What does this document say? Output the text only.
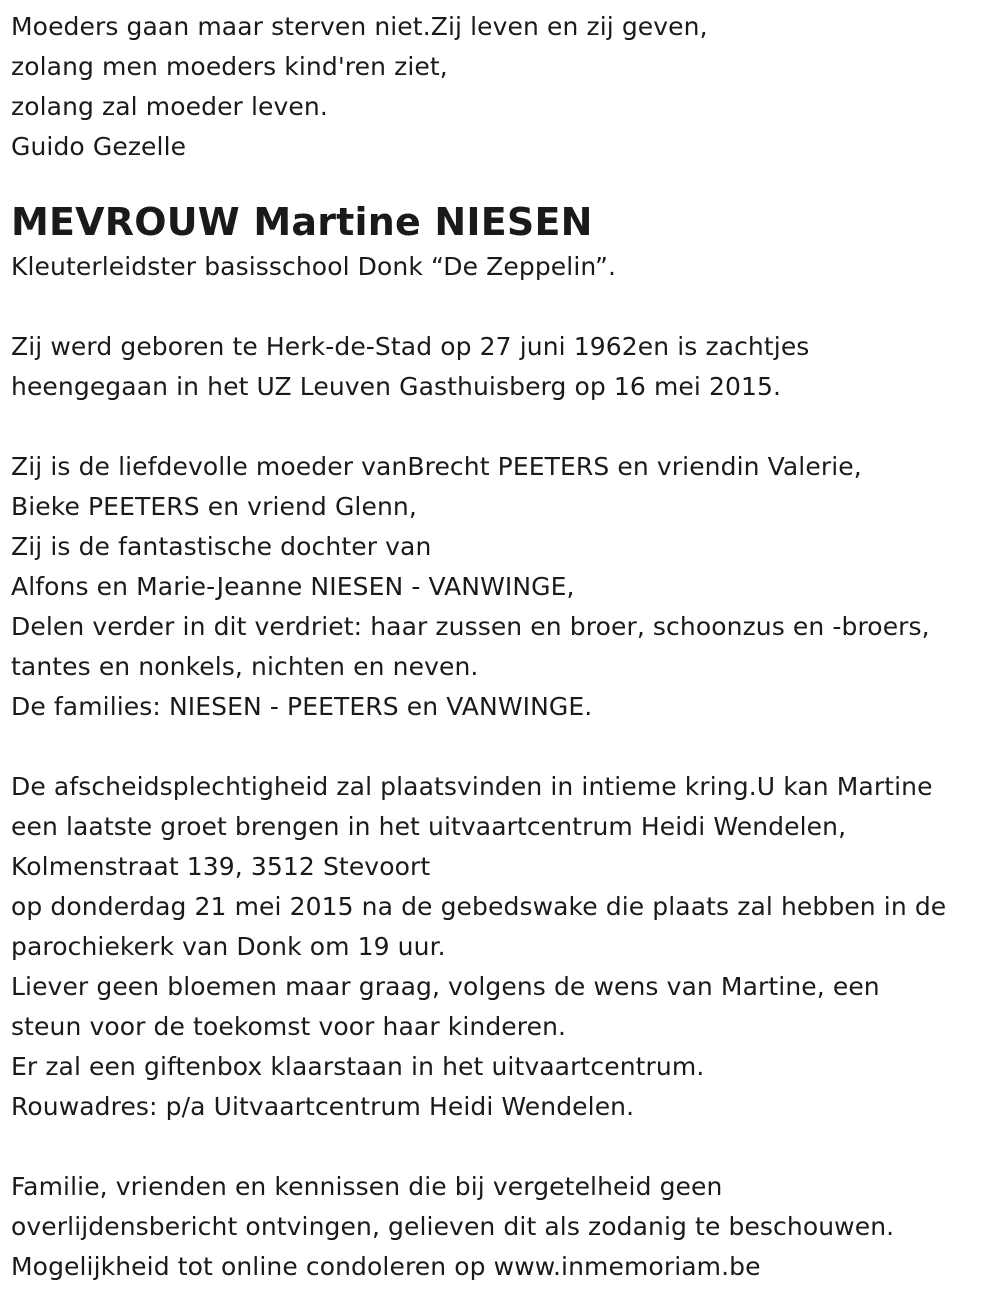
Moeders gaan maar sterven niet.Zij leven en zij geven,
zolang men moeders kind'ren ziet,
zolang zal moeder leven.
Guido Gezelle
MEVROUW Martine NIESEN
Kleuterleidster basisschool Donk “De Zeppelin”.
Zij werd geboren te Herk-de-Stad op 27 juni 1962en is zachtjes
heengegaan in het UZ Leuven Gasthuisberg op 16 mei 2015.
Zij is de liefdevolle moeder vanBrecht PEETERS en vriendin Valerie,
Bieke PEETERS en vriend Glenn,
Zij is de fantastische dochter van
Alfons en Marie-Jeanne NIESEN - VANWINGE,
Delen verder in dit verdriet: haar zussen en broer, schoonzus en -broers,
tantes en nonkels, nichten en neven.
De families: NIESEN - PEETERS en VANWINGE.
De afscheidsplechtigheid zal plaatsvinden in intieme kring.U kan Martine
een laatste groet brengen in het uitvaartcentrum Heidi Wendelen,
Kolmenstraat 139, 3512 Stevoort
op donderdag 21 mei 2015 na de gebedswake die plaats zal hebben in de
parochiekerk van Donk om 19 uur.
Liever geen bloemen maar graag, volgens de wens van Martine, een
steun voor de toekomst voor haar kinderen.
Er zal een giftenbox klaarstaan in het uitvaartcentrum.
Rouwadres: p/a Uitvaartcentrum Heidi Wendelen.
Familie, vrienden en kennissen die bij vergetelheid geen
overlijdensbericht ontvingen, gelieven dit als zodanig te beschouwen.
Mogelijkheid tot online condoleren op www.inmemoriam.be
